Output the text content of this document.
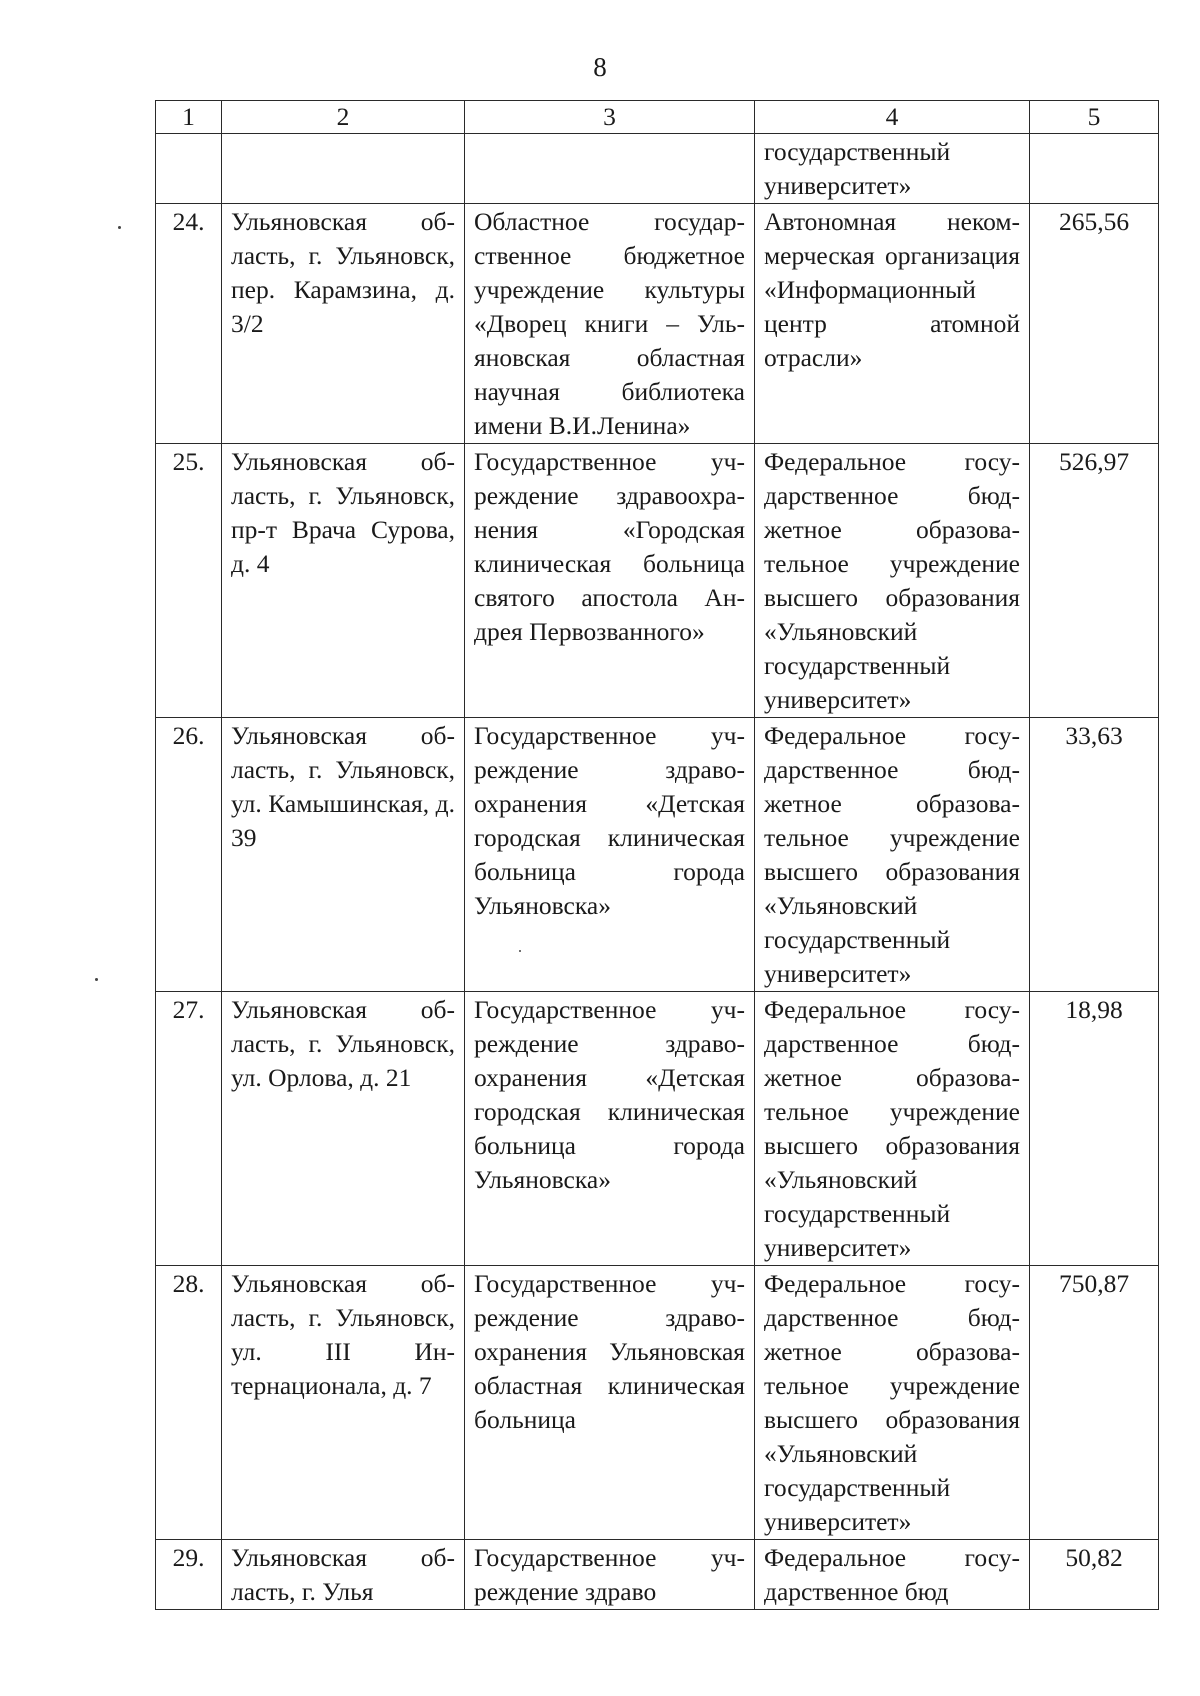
8
1	2	3	4	5
			государственный университет»	
24.	Ульяновская область, г. Ульяновск, пер. Карамзина, д. 3/2	Областное государственное бюджетное учреждение культуры «Дворец книги – Ульяновская областная научная библиотека имени В.И.Ленина»	Автономная некоммерческая организация «Информационный центр атомной отрасли»	265,56
25.	Ульяновская область, г. Ульяновск, пр-т Врача Сурова, д. 4	Государственное учреждение здравоохранения «Городская клиническая больница святого апостола Андрея Первозванного»	Федеральное государственное бюджетное образовательное учреждение высшего образования «Ульяновский государственный университет»	526,97
26.	Ульяновская область, г. Ульяновск, ул. Камышинская, д. 39	Государственное учреждение здравоохранения «Детская городская клиническая больница города Ульяновска»	Федеральное государственное бюджетное образовательное учреждение высшего образования «Ульяновский государственный университет»	33,63
27.	Ульяновская область, г. Ульяновск, ул. Орлова, д. 21	Государственное учреждение здравоохранения «Детская городская клиническая больница города Ульяновска»	Федеральное государственное бюджетное образовательное учреждение высшего образования «Ульяновский государственный университет»	18,98
28.	Ульяновская область, г. Ульяновск, ул. III Интернационала, д. 7	Государственное учреждение здравоохранения Ульяновская областная клиническая больница	Федеральное государственное бюджетное образовательное учреждение высшего образования «Ульяновский государственный университет»	750,87
29.	Ульяновская область, г. Улья	Государственное учреждение здраво	Федеральное государственное бюд	50,82
